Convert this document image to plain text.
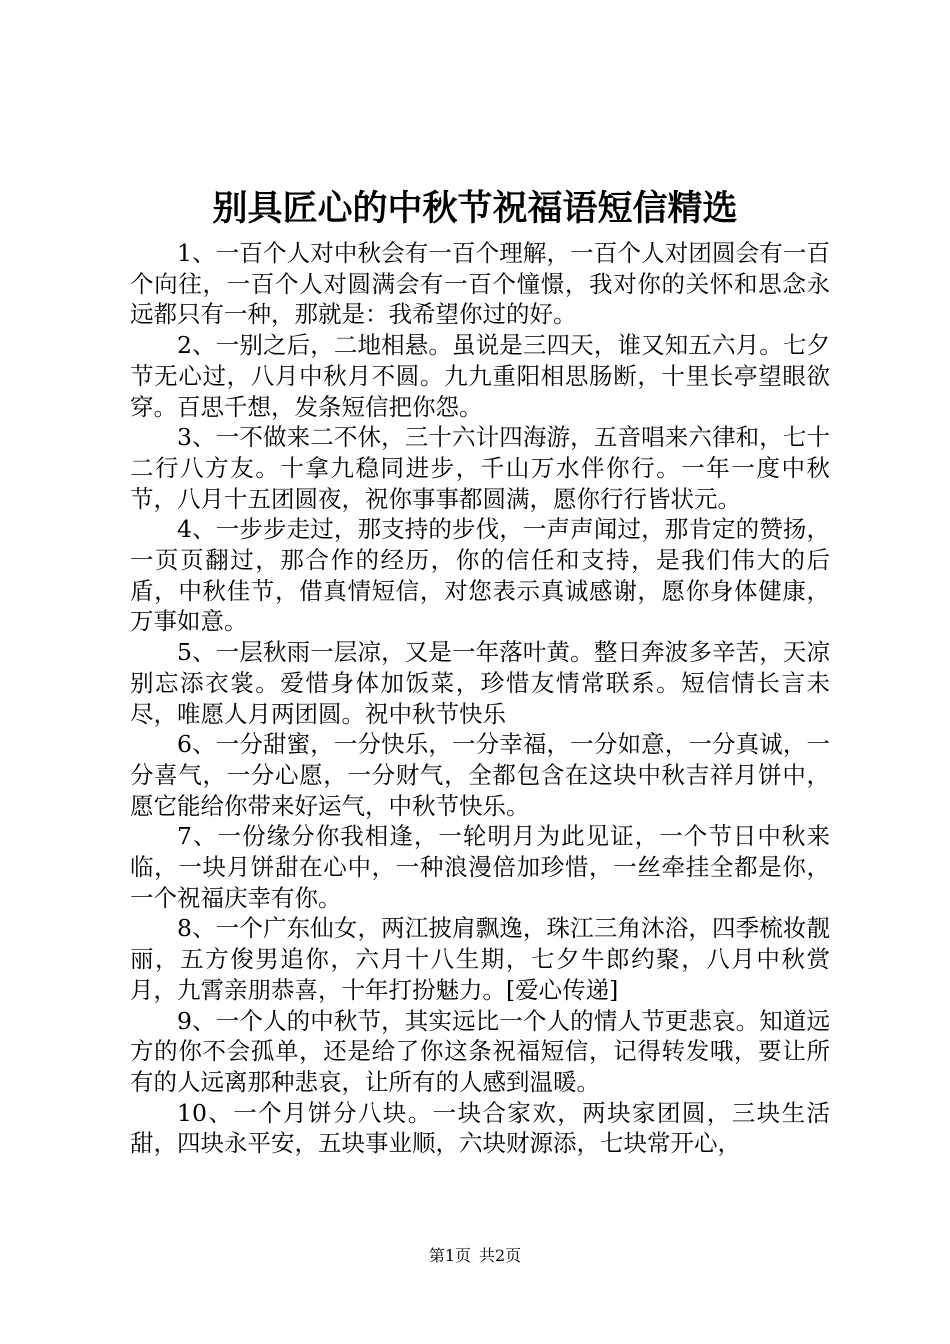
别具匠心的中秋节祝福语短信精选

1、一百个人对中秋会有一百个理解，一百个人对团圆会有一百个向往，一百个人对圆满会有一百个憧憬，我对你的关怀和思念永远都只有一种，那就是：我希望你过的好。

2、一别之后，二地相悬。虽说是三四天，谁又知五六月。七夕节无心过，八月中秋月不圆。九九重阳相思肠断，十里长亭望眼欲穿。百思千想，发条短信把你怨。

3、一不做来二不休，三十六计四海游，五音唱来六律和，七十二行八方友。十拿九稳同进步，千山万水伴你行。一年一度中秋节，八月十五团圆夜，祝你事事都圆满，愿你行行皆状元。

4、一步步走过，那支持的步伐，一声声闻过，那肯定的赞扬，一页页翻过，那合作的经历，你的信任和支持，是我们伟大的后盾，中秋佳节，借真情短信，对您表示真诚感谢，愿你身体健康，万事如意。

5、一层秋雨一层凉，又是一年落叶黄。整日奔波多辛苦，天凉别忘添衣裳。爱惜身体加饭菜，珍惜友情常联系。短信情长言未尽，唯愿人月两团圆。祝中秋节快乐

6、一分甜蜜，一分快乐，一分幸福，一分如意，一分真诚，一分喜气，一分心愿，一分财气，全都包含在这块中秋吉祥月饼中，愿它能给你带来好运气，中秋节快乐。

7、一份缘分你我相逢，一轮明月为此见证，一个节日中秋来临，一块月饼甜在心中，一种浪漫倍加珍惜，一丝牵挂全都是你，一个祝福庆幸有你。

8、一个广东仙女，两江披肩飘逸，珠江三角沐浴，四季梳妆靓丽，五方俊男追你，六月十八生期，七夕牛郎约聚，八月中秋赏月，九霄亲朋恭喜，十年打扮魅力。[爱心传递]

9、一个人的中秋节，其实远比一个人的情人节更悲哀。知道远方的你不会孤单，还是给了你这条祝福短信，记得转发哦，要让所有的人远离那种悲哀，让所有的人感到温暖。

10、一个月饼分八块。一块合家欢，两块家团圆，三块生活甜，四块永平安，五块事业顺，六块财源添，七块常开心，

第1页 共2页
